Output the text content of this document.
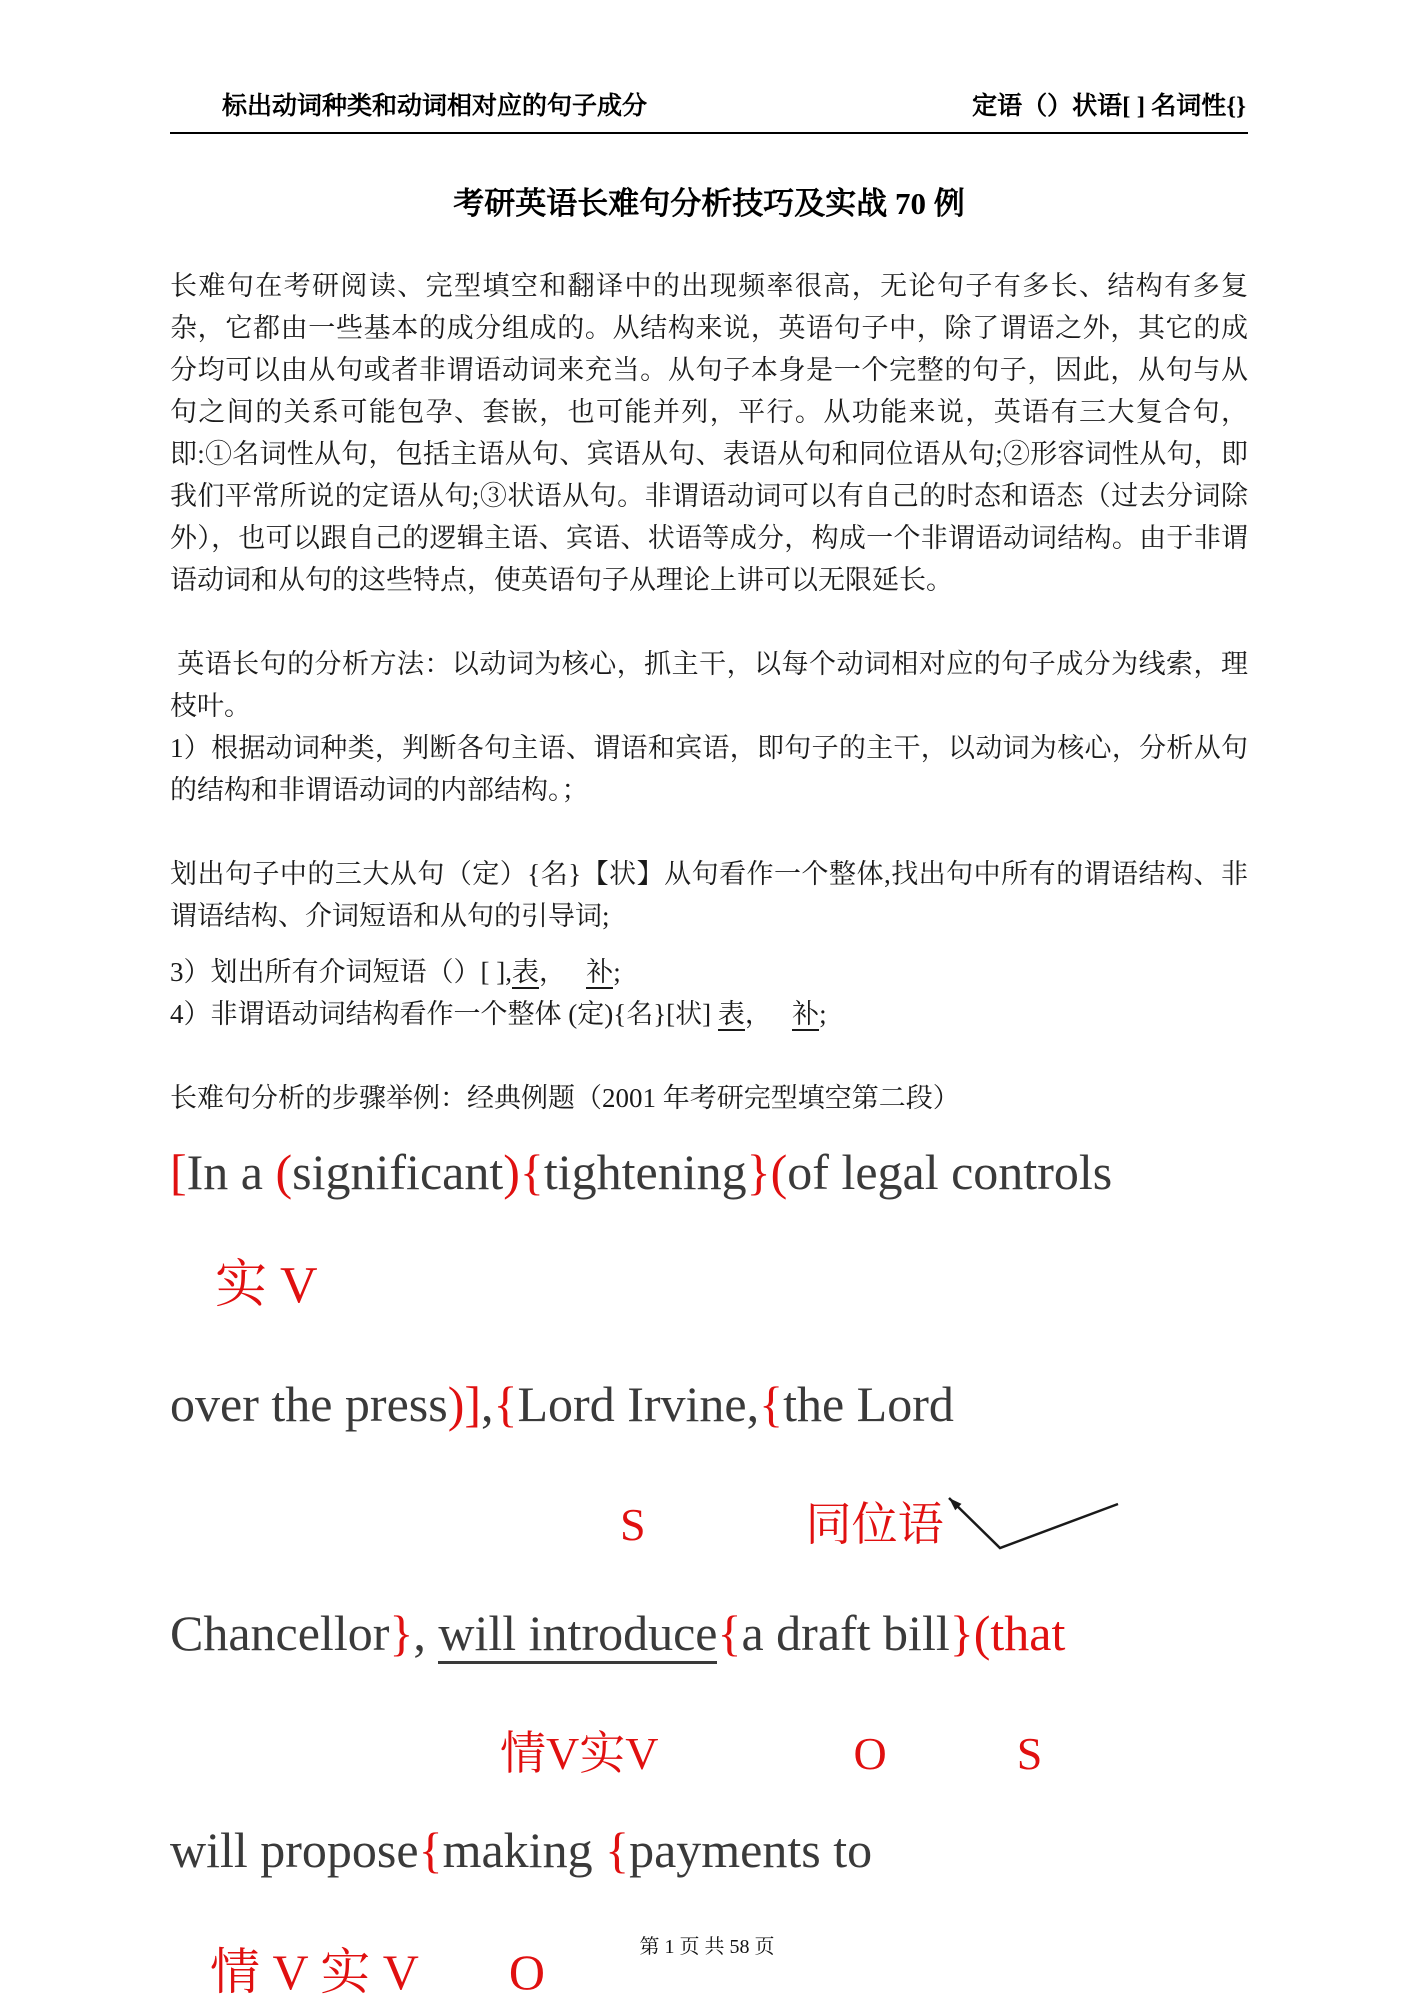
标出动词种类和动词相对应的句子成分	定语（）状语[ ] 名词性{}
考研英语长难句分析技巧及实战 70 例

长难句在考研阅读、完型填空和翻译中的出现频率很高，无论句子有多长、结构有多复杂，它都由一些基本的成分组成的。从结构来说，英语句子中，除了谓语之外，其它的成分均可以由从句或者非谓语动词来充当。从句子本身是一个完整的句子，因此，从句与从句之间的关系可能包孕、套嵌，也可能并列，平行。从功能来说，英语有三大复合句，即:①名词性从句，包括主语从句、宾语从句、表语从句和同位语从句;②形容词性从句，即我们平常所说的定语从句;③状语从句。非谓语动词可以有自己的时态和语态（过去分词除外），也可以跟自己的逻辑主语、宾语、状语等成分，构成一个非谓语动词结构。由于非谓语动词和从句的这些特点，使英语句子从理论上讲可以无限延长。

英语长句的分析方法：以动词为核心，抓主干，以每个动词相对应的句子成分为线索，理枝叶。

1）根据动词种类，判断各句主语、谓语和宾语，即句子的主干，以动词为核心，分析从句的结构和非谓语动词的内部结构。；

划出句子中的三大从句（定）{名}【状】从句看作一个整体,找出句中所有的谓语结构、非谓语结构、介词短语和从句的引导词;

3）划出所有介词短语（）[ ],表，   补;

4）非谓语动词结构看作一个整体 (定){名}[状] 表，   补;

长难句分析的步骤举例：经典例题（2001 年考研完型填空第二段）

[In a (significant){tightening}(of legal controls
实 V
over the press)],{Lord Irvine,{the Lord
S	同位语
Chancellor}, will introduce{a draft bill}(that
情V实V	O	S
will propose{making {payments to
情 V 实 V O	第 1 页 共 58 页
